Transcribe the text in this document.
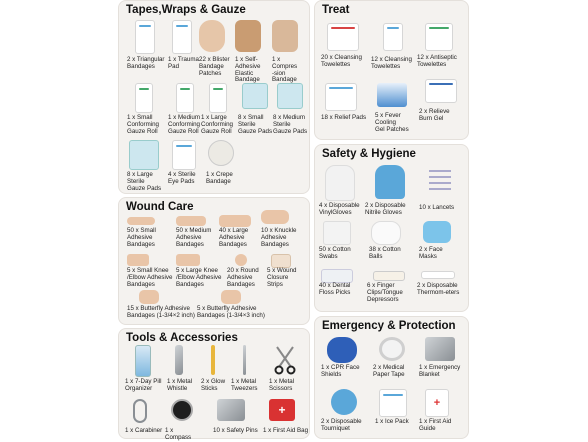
Tapes,Wraps & Gauze
2 x Triangular
Bandages
1 x Trauma
Pad
22 x Blister
Bandage
Patches
1 x Self-
Adhesive
Elastic
Bandage
1 x Compres
-sion
Bandage
1 x Small
Conforming
Gauze Roll
1 x Medium
Conforming
Gauze Roll
1 x Large
Conforming
Gauze Roll
8 x Small
Sterile
Gauze Pads
8 x Medium
Sterile
Gauze Pads
8 x Large
Sterile
Gauze Pads
4 x Sterile
Eye Pads
1 x Crepe
Bandage
Wound Care
50 x Small
Adhesive
Bandages
50 x Medium
Adhesive
Bandages
40 x Large
Adhesive
Bandages
10 x Knuckle
Adhesive
Bandages
5 x Small Knee
/Elbow Adhesive
Bandages
5 x Large Knee
/Elbow Adhesive
Bandages
20 x Round
Adhesive
Bandages
5 x Wound
Closure
Strips
15 x Butterfly Adhesive
Bandages (1-3/4×2 inch)
5 x Butterfly Adhesive
Bandages (1-3/4×3 inch)
Tools & Accessories
1 x 7-Day Pill
Organizer
1 x Metal
Whistle
2 x Glow
Sticks
1 x Metal
Tweezers
1 x Metal
Scissors
1 x Carabiner 1 x Compass
10 x Safety Pins
+
1 x First Aid Bag
Treat
20 x Cleansing
Towelettes
12 x Cleansing
Towelettes
12 x Antiseptic
Towelettes
18 x Relief Pads 5 x Fever
Cooling
Gel Patches
2 x Relieve
Burn Gel
Safety & Hygiene
4 x Disposable
VinylGloves
2 x Disposable
Nitrile Gloves
10 x Lancets
50 x Cotton
Swabs
38 x Cotton
Balls
2 x Face
Masks
40 x Dental
Floss Picks
6 x Finger
Clips/Tongue
Depressors
2 x Disposable
Thermom-eters
Emergency & Protection
1 x CPR Face
Shields
2 x Medical
Paper Tape
1 x Emergency
Blanket
2 x Disposable
Tourniquet
1 x Ice Pack
+
1 x First Aid
Guide
